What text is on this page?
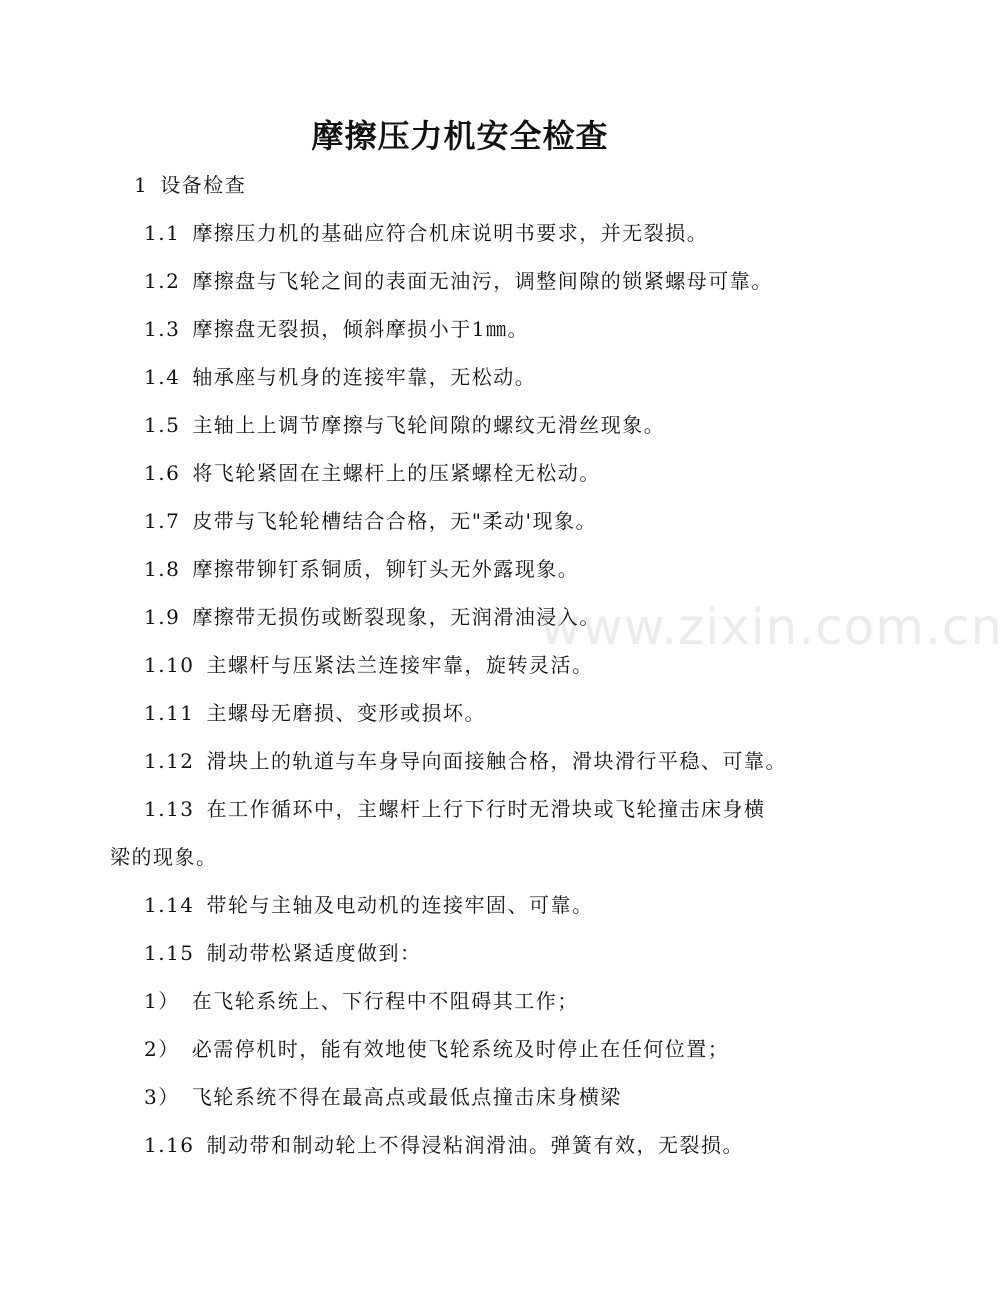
摩擦压力机安全检查
1 设备检查
1.1 摩擦压力机的基础应符合机床说明书要求，并无裂损。
1.2 摩擦盘与飞轮之间的表面无油污，调整间隙的锁紧螺母可靠。
1.3 摩擦盘无裂损，倾斜摩损小于1㎜。
1.4 轴承座与机身的连接牢靠，无松动。
1.5 主轴上上调节摩擦与飞轮间隙的螺纹无滑丝现象。
1.6 将飞轮紧固在主螺杆上的压紧螺栓无松动。
1.7 皮带与飞轮轮槽结合合格，无"柔动'现象。
1.8 摩擦带铆钉系铜质，铆钉头无外露现象。
1.9 摩擦带无损伤或断裂现象，无润滑油浸入。
1.10 主螺杆与压紧法兰连接牢靠，旋转灵活。
1.11 主螺母无磨损、变形或损坏。
1.12 滑块上的轨道与车身导向面接触合格，滑块滑行平稳、可靠。
1.13 在工作循环中，主螺杆上行下行时无滑块或飞轮撞击床身横
梁的现象。
1.14 带轮与主轴及电动机的连接牢固、可靠。
1.15 制动带松紧适度做到：
1） 在飞轮系统上、下行程中不阻碍其工作；
2） 必需停机时，能有效地使飞轮系统及时停止在任何位置；
3） 飞轮系统不得在最高点或最低点撞击床身横梁
1.16 制动带和制动轮上不得浸粘润滑油。弹簧有效，无裂损。
www.zixin.com.cn
